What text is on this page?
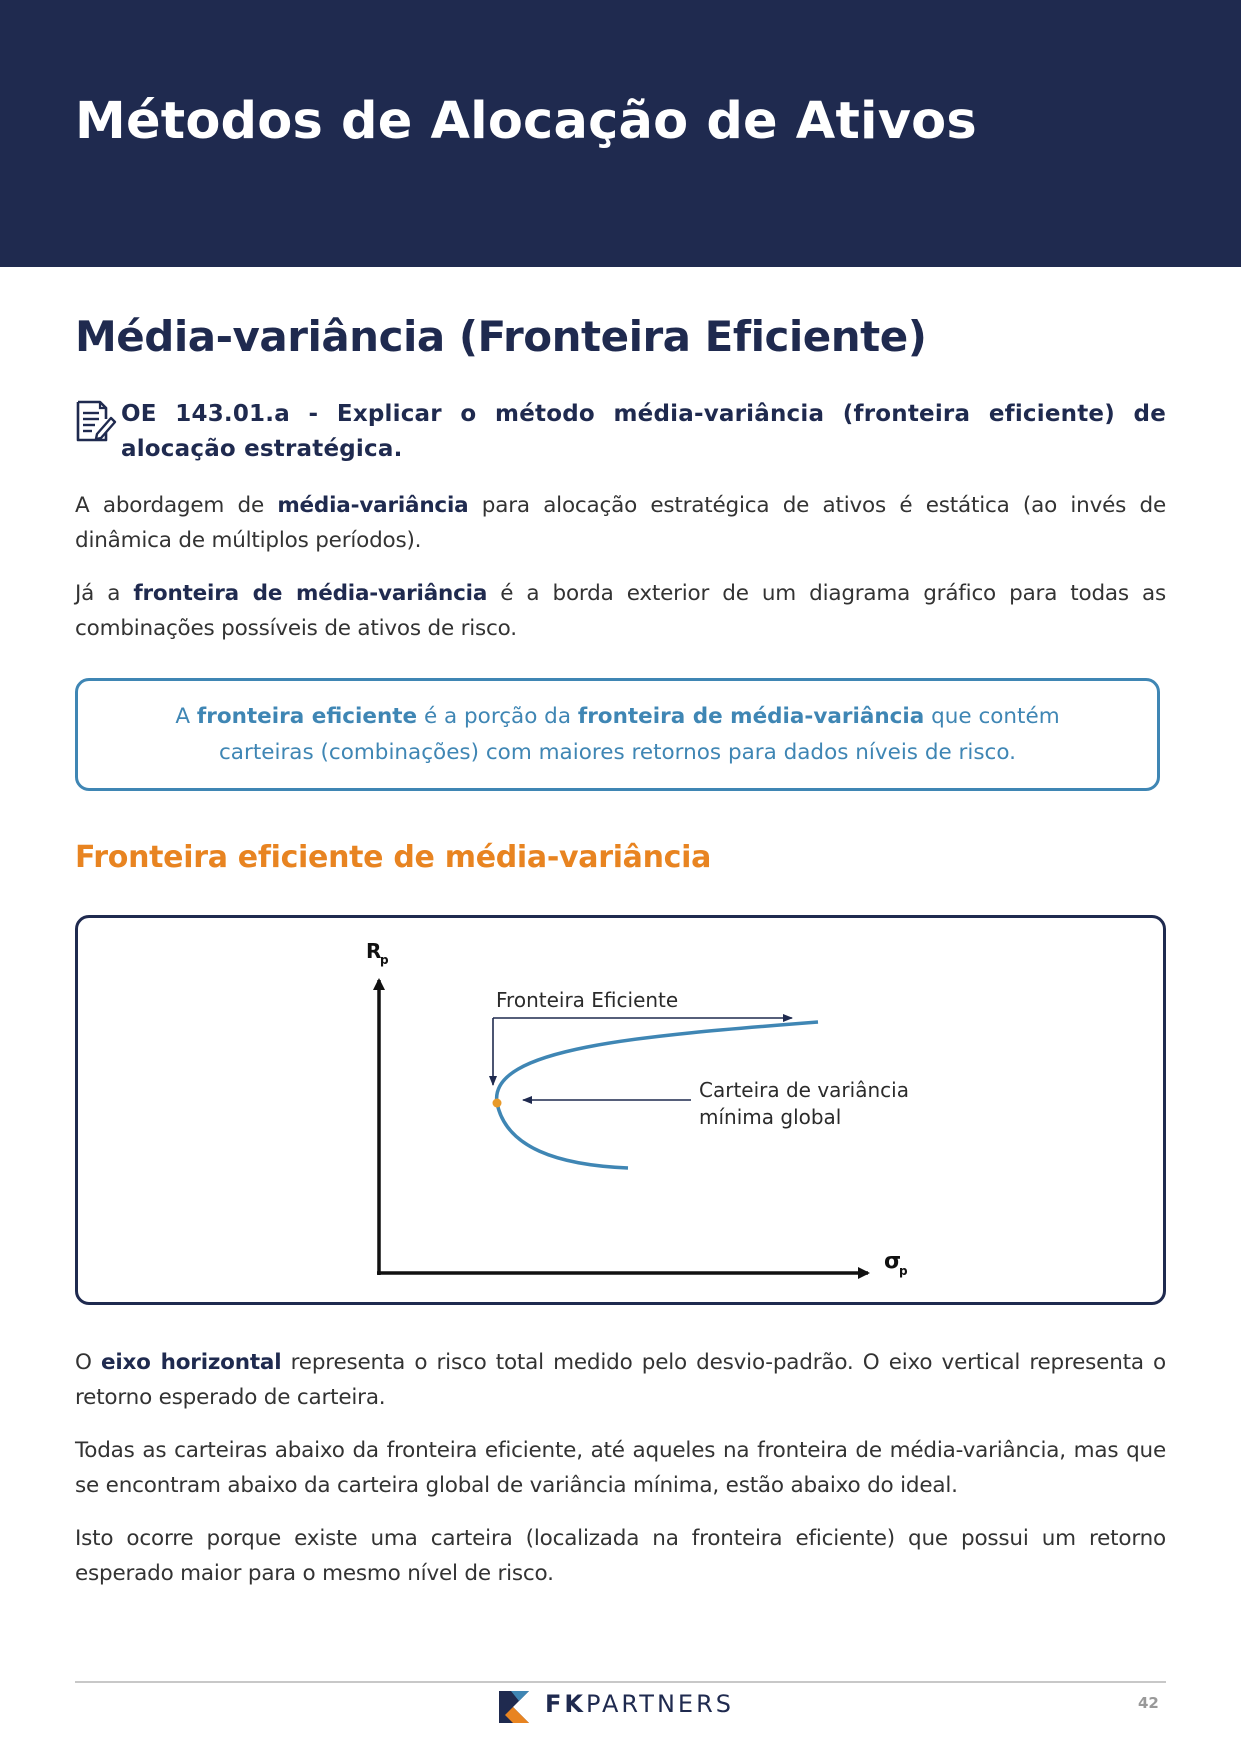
Métodos de Alocação de Ativos
Média-variância (Fronteira Eficiente)

OE 143.01.a - Explicar o método média-variância (fronteira eficiente) de alocação estratégica.

A abordagem de média-variância para alocação estratégica de ativos é estática (ao invés de dinâmica de múltiplos períodos).

Já a fronteira de média-variância é a borda exterior de um diagrama gráfico para todas as combinações possíveis de ativos de risco.

A fronteira eficiente é a porção da fronteira de média-variância que contém carteiras (combinações) com maiores retornos para dados níveis de risco.

Fronteira eficiente de média-variância
R
p
σ
p
Fronteira Eficiente
Carteira de variância
mínima global

O eixo horizontal representa o risco total medido pelo desvio-padrão. O eixo vertical representa o retorno esperado de carteira.

Todas as carteiras abaixo da fronteira eficiente, até aqueles na fronteira de média-variância, mas que se encontram abaixo da carteira global de variância mínima, estão abaixo do ideal.

Isto ocorre porque existe uma carteira (localizada na fronteira eficiente) que possui um retorno esperado maior para o mesmo nível de risco.

FKPARTNERS	42
